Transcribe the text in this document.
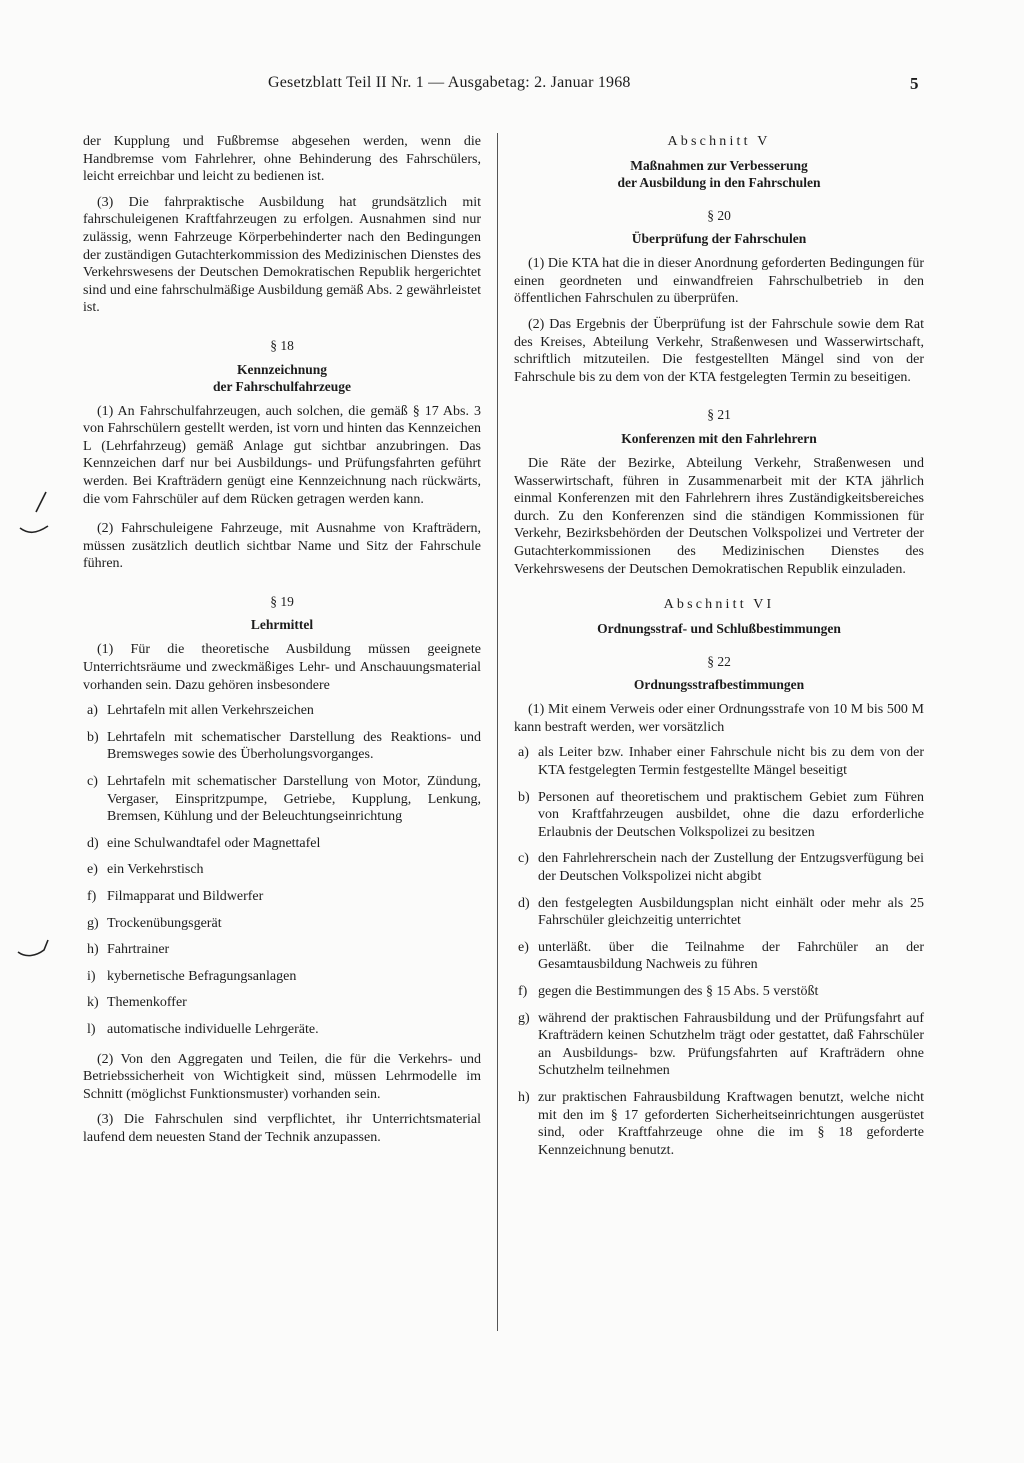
Gesetzblatt Teil II Nr. 1 — Ausgabetag: 2. Januar 1968	5

der Kupplung und Fußbremse abgesehen werden, wenn die Handbremse vom Fahrlehrer, ohne Behinderung des Fahrschülers, leicht erreichbar und leicht zu bedienen ist.

(3) Die fahrpraktische Ausbildung hat grundsätzlich mit fahrschuleigenen Kraftfahrzeugen zu erfolgen. Ausnahmen sind nur zulässig, wenn Fahrzeuge Körperbehinderter nach den Bedingungen der zuständigen Gutachterkommission des Medizinischen Dienstes des Verkehrswesens der Deutschen Demokratischen Republik hergerichtet sind und eine fahrschulmäßige Ausbildung gemäß Abs. 2 gewährleistet ist.

§ 18
Kennzeichnung
der Fahrschulfahrzeuge

(1) An Fahrschulfahrzeugen, auch solchen, die gemäß § 17 Abs. 3 von Fahrschülern gestellt werden, ist vorn und hinten das Kennzeichen L (Lehrfahrzeug) gemäß Anlage gut sichtbar anzubringen. Das Kennzeichen darf nur bei Ausbildungs- und Prüfungsfahrten geführt werden. Bei Krafträdern genügt eine Kennzeichnung nach rückwärts, die vom Fahrschüler auf dem Rücken getragen werden kann.

(2) Fahrschuleigene Fahrzeuge, mit Ausnahme von Krafträdern, müssen zusätzlich deutlich sichtbar Name und Sitz der Fahrschule führen.

§ 19
Lehrmittel

(1) Für die theoretische Ausbildung müssen geeignete Unterrichtsräume und zweckmäßiges Lehr- und Anschauungsmaterial vorhanden sein. Dazu gehören insbesondere

a) Lehrtafeln mit allen Verkehrszeichen
b) Lehrtafeln mit schematischer Darstellung des Reaktions- und Bremsweges sowie des Überholungsvorganges.
c) Lehrtafeln mit schematischer Darstellung von Motor, Zündung, Vergaser, Einspritzpumpe, Getriebe, Kupplung, Lenkung, Bremsen, Kühlung und der Beleuchtungseinrichtung
d) eine Schulwandtafel oder Magnettafel
e) ein Verkehrstisch
f) Filmapparat und Bildwerfer
g) Trockenübungsgerät
h) Fahrtrainer
i) kybernetische Befragungsanlagen
k) Themenkoffer
l) automatische individuelle Lehrgeräte.

(2) Von den Aggregaten und Teilen, die für die Verkehrs- und Betriebssicherheit von Wichtigkeit sind, müssen Lehrmodelle im Schnitt (möglichst Funktionsmuster) vorhanden sein.

(3) Die Fahrschulen sind verpflichtet, ihr Unterrichtsmaterial laufend dem neuesten Stand der Technik anzupassen.

Abschnitt V
Maßnahmen zur Verbesserung
der Ausbildung in den Fahrschulen
§ 20
Überprüfung der Fahrschulen

(1) Die KTA hat die in dieser Anordnung geforderten Bedingungen für einen geordneten und einwandfreien Fahrschulbetrieb in den öffentlichen Fahrschulen zu überprüfen.

(2) Das Ergebnis der Überprüfung ist der Fahrschule sowie dem Rat des Kreises, Abteilung Verkehr, Straßenwesen und Wasserwirtschaft, schriftlich mitzuteilen. Die festgestellten Mängel sind von der Fahrschule bis zu dem von der KTA festgelegten Termin zu beseitigen.

§ 21
Konferenzen mit den Fahrlehrern

Die Räte der Bezirke, Abteilung Verkehr, Straßenwesen und Wasserwirtschaft, führen in Zusammenarbeit mit der KTA jährlich einmal Konferenzen mit den Fahrlehrern ihres Zuständigkeitsbereiches durch. Zu den Konferenzen sind die ständigen Kommissionen für Verkehr, Bezirksbehörden der Deutschen Volkspolizei und Vertreter der Gutachterkommissionen des Medizinischen Dienstes des Verkehrswesens der Deutschen Demokratischen Republik einzuladen.

Abschnitt VI
Ordnungsstraf- und Schlußbestimmungen
§ 22
Ordnungsstrafbestimmungen

(1) Mit einem Verweis oder einer Ordnungsstrafe von 10 M bis 500 M kann bestraft werden, wer vorsätzlich

a) als Leiter bzw. Inhaber einer Fahrschule nicht bis zu dem von der KTA festgelegten Termin festgestellte Mängel beseitigt
b) Personen auf theoretischem und praktischem Gebiet zum Führen von Kraftfahrzeugen ausbildet, ohne die dazu erforderliche Erlaubnis der Deutschen Volkspolizei zu besitzen
c) den Fahrlehrerschein nach der Zustellung der Entzugsverfügung bei der Deutschen Volkspolizei nicht abgibt
d) den festgelegten Ausbildungsplan nicht einhält oder mehr als 25 Fahrschüler gleichzeitig unterrichtet
e) unterläßt. über die Teilnahme der Fahrchüler an der Gesamtausbildung Nachweis zu führen
f) gegen die Bestimmungen des § 15 Abs. 5 verstößt
g) während der praktischen Fahrausbildung und der Prüfungsfahrt auf Krafträdern keinen Schutzhelm trägt oder gestattet, daß Fahrschüler an Ausbildungs- bzw. Prüfungsfahrten auf Krafträdern ohne Schutzhelm teilnehmen
h) zur praktischen Fahrausbildung Kraftwagen benutzt, welche nicht mit den im § 17 geforderten Sicherheitseinrichtungen ausgerüstet sind, oder Kraftfahrzeuge ohne die im § 18 geforderte Kennzeichnung benutzt.
